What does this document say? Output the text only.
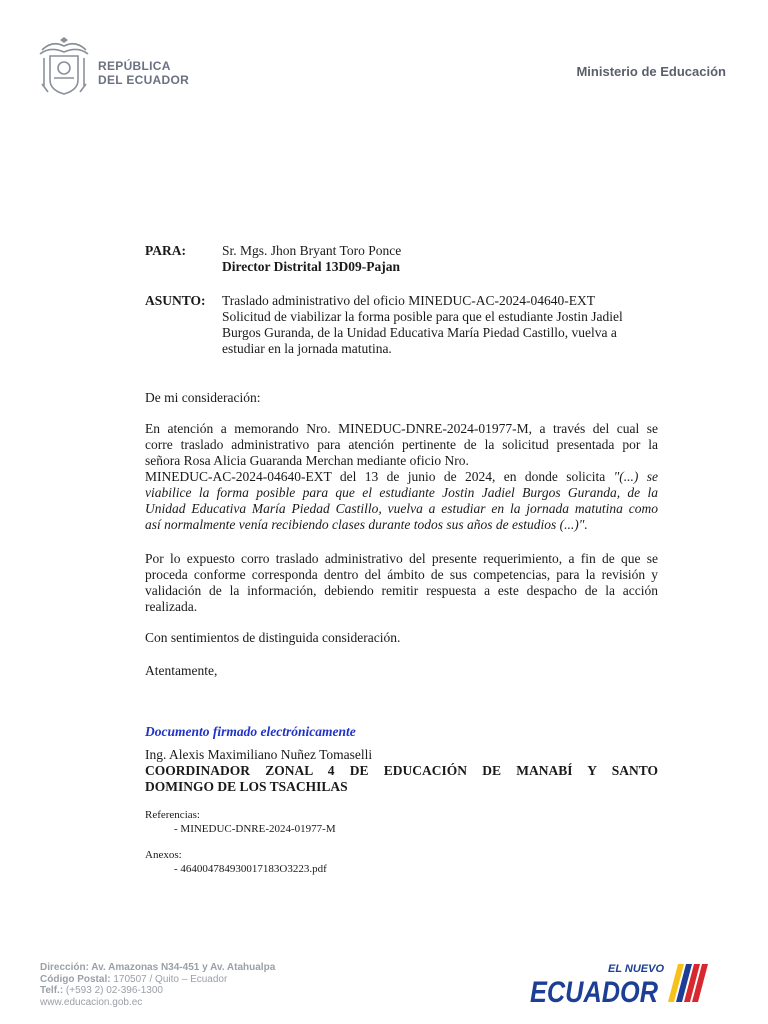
REPÚBLICA
DEL ECUADOR
Ministerio de Educación
PARA:	Sr. Mgs. Jhon Bryant Toro Ponce
Director Distrital 13D09-Pajan
ASUNTO: Traslado administrativo del oficio MINEDUC-AC-2024-04640-EXT
Solicitud de viabilizar la forma posible para que el estudiante Jostin Jadiel
Burgos Guranda, de la Unidad Educativa María Piedad Castillo, vuelva a
estudiar en la jornada matutina.
De mi consideración:
En atención a memorando Nro. MINEDUC-DNRE-2024-01977-M, a través del cual se
corre traslado administrativo para atención pertinente de la solicitud presentada por la
señora Rosa Alicia Guaranda Merchan mediante oficio Nro.
MINEDUC-AC-2024-04640-EXT del 13 de junio de 2024, en donde solicita "(...) se
viabilice la forma posible para que el estudiante Jostin Jadiel Burgos Guranda, de la
Unidad Educativa María Piedad Castillo, vuelva a estudiar en la jornada matutina como
así normalmente venía recibiendo clases durante todos sus años de estudios (...)".
Por lo expuesto corro traslado administrativo del presente requerimiento, a fin de que se
proceda conforme corresponda dentro del ámbito de sus competencias, para la revisión y
validación de la información, debiendo remitir respuesta a este despacho de la acción
realizada.
Con sentimientos de distinguida consideración.
Atentamente,
Documento firmado electrónicamente
Ing. Alexis Maximiliano Nuñez Tomaselli
COORDINADOR ZONAL 4 DE EDUCACIÓN DE MANABÍ Y SANTO
DOMINGO DE LOS TSACHILAS
Referencias:
- MINEDUC-DNRE-2024-01977-M
Anexos:
- 464004784930017183O3223.pdf
Dirección: Av. Amazonas N34-451 y Av. Atahualpa
Código Postal: 170507 / Quito – Ecuador
Telf.: (+593 2) 02-396-1300
www.educacion.gob.ec
EL NUEVO
ECUADOR
